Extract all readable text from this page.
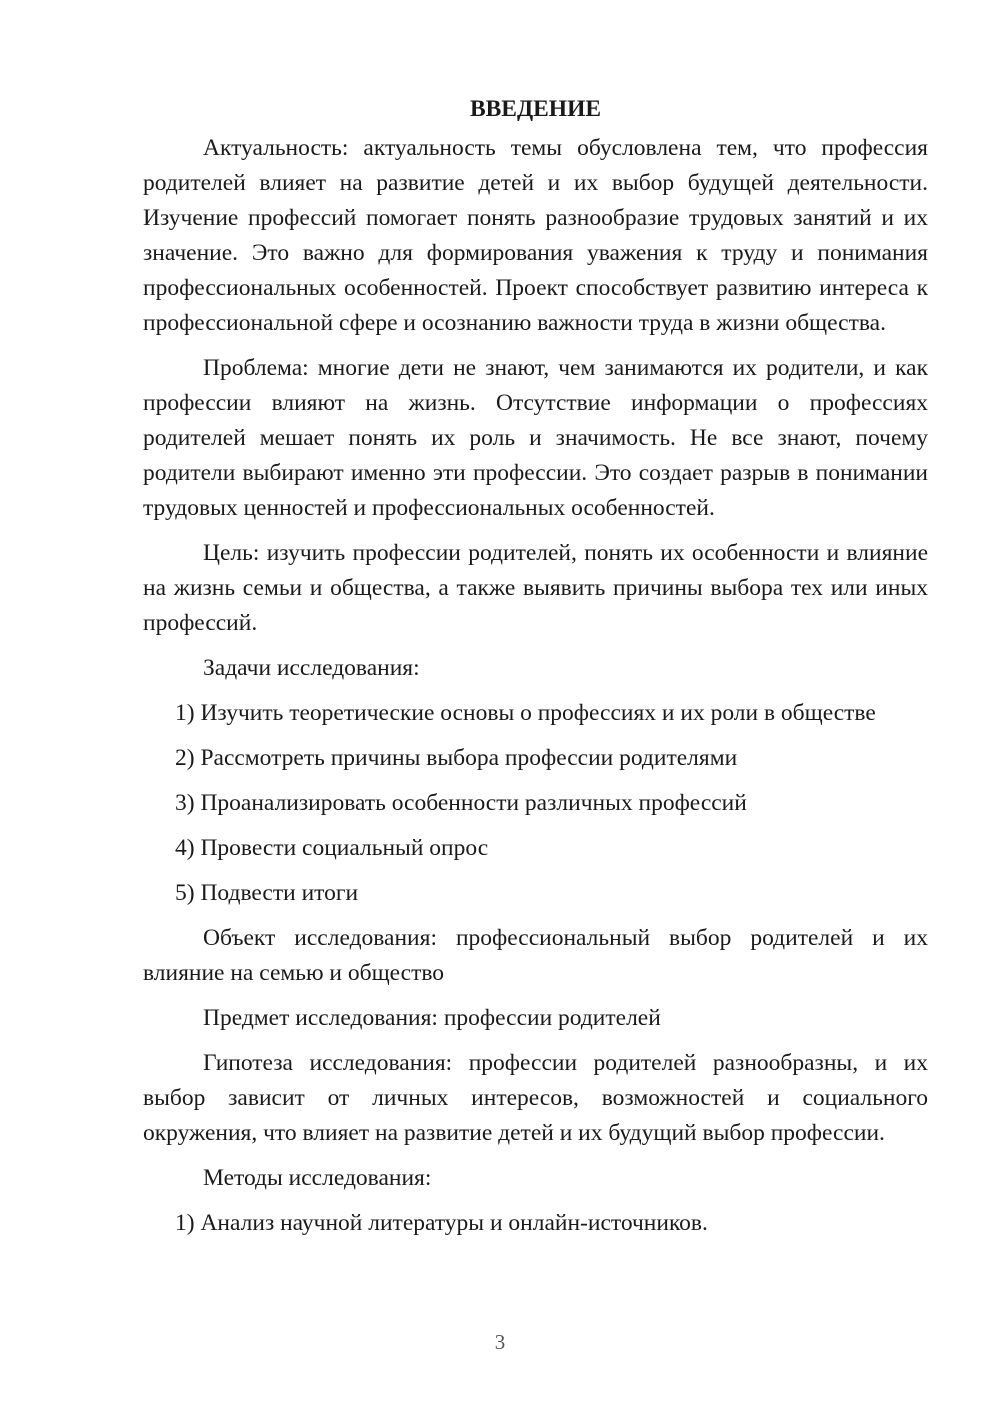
ВВЕДЕНИЕ

Актуальность: актуальность темы обусловлена тем, что профессия родителей влияет на развитие детей и их выбор будущей деятельности. Изучение профессий помогает понять разнообразие трудовых занятий и их значение. Это важно для формирования уважения к труду и понимания профессиональных особенностей. Проект способствует развитию интереса к профессиональной сфере и осознанию важности труда в жизни общества.

Проблема: многие дети не знают, чем занимаются их родители, и как профессии влияют на жизнь. Отсутствие информации о профессиях родителей мешает понять их роль и значимость. Не все знают, почему родители выбирают именно эти профессии. Это создает разрыв в понимании трудовых ценностей и профессиональных особенностей.

Цель: изучить профессии родителей, понять их особенности и влияние на жизнь семьи и общества, а также выявить причины выбора тех или иных профессий.

Задачи исследования:

1) Изучить теоретические основы о профессиях и их роли в обществе
2) Рассмотреть причины выбора профессии родителями
3) Проанализировать особенности различных профессий
4) Провести социальный опрос
5) Подвести итоги

Объект исследования: профессиональный выбор родителей и их влияние на семью и общество

Предмет исследования: профессии родителей

Гипотеза исследования: профессии родителей разнообразны, и их выбор зависит от личных интересов, возможностей и социального окружения, что влияет на развитие детей и их будущий выбор профессии.

Методы исследования:

1) Анализ научной литературы и онлайн-источников.
3
